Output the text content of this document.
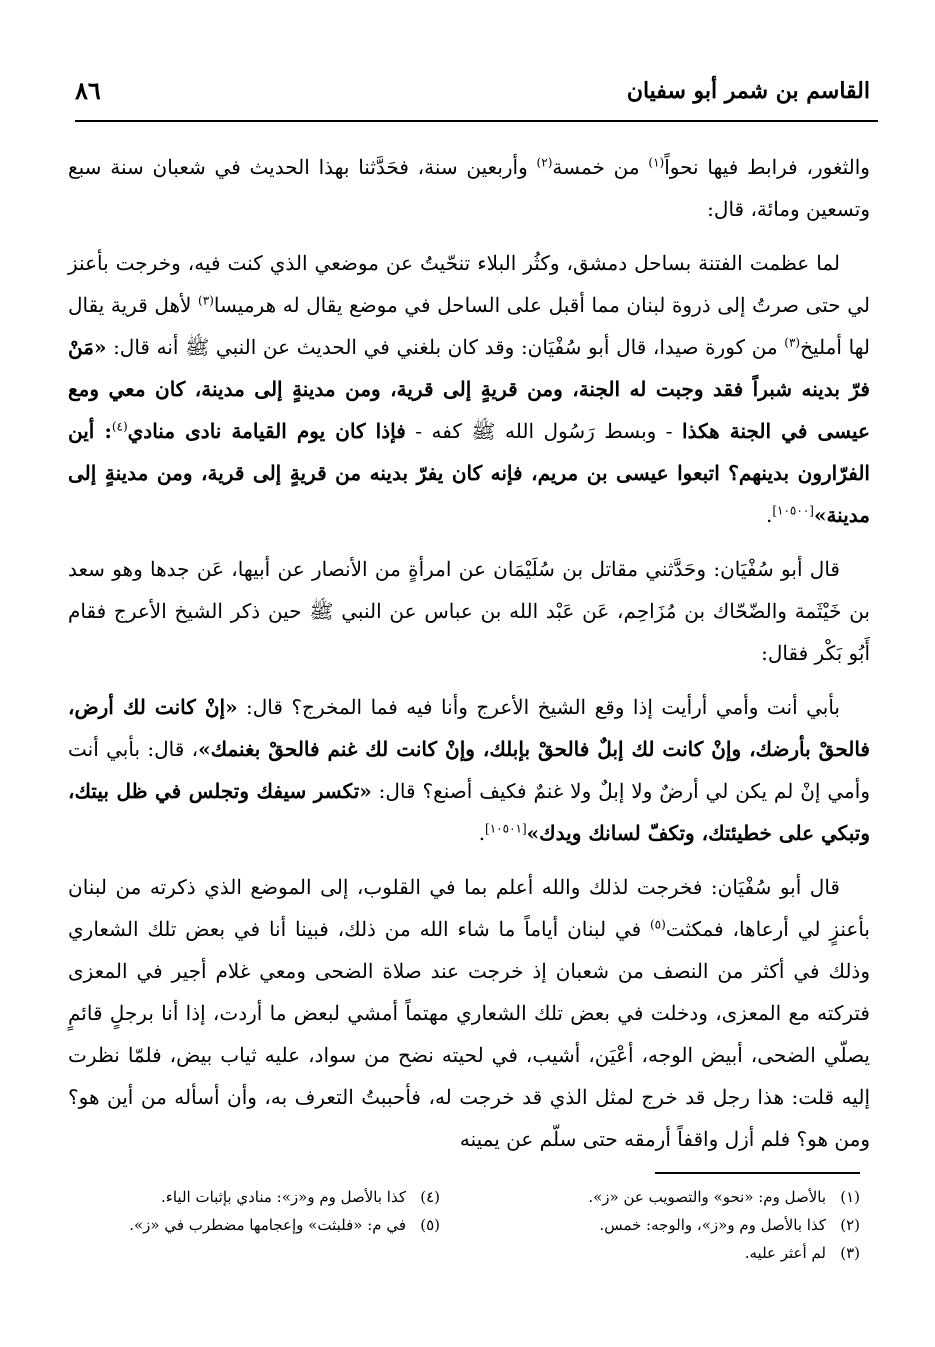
القاسم بن شمر أبو سفيان
٨٦

والثغور، فرابط فيها نحواً$^{(١)}$ من خمسة$^{(٢)}$ وأربعين سنة، فحَدَّثنا بهذا الحديث في شعبان سنة سبع وتسعين ومائة، قال:

لما عظمت الفتنة بساحل دمشق، وكثُر البلاء تنحّيتُ عن موضعي الذي كنت فيه، وخرجت بأعنز لي حتى صرتُ إلى ذروة لبنان مما أقبل على الساحل في موضع يقال له هرميسا$^{(٣)}$ لأهل قرية يقال لها أمليخ$^{(٣)}$ من كورة صيدا، قال أبو سُفْيَان: وقد كان بلغني في الحديث عن النبي ﷺ أنه قال: «مَنْ فرّ بدينه شبراً فقد وجبت له الجنة، ومن قريةٍ إلى قرية، ومن مدينةٍ إلى مدينة، كان معي ومع عيسى في الجنة هكذا - وبسط رَسُول الله ﷺ كفه - فإذا كان يوم القيامة نادى منادي$^{(٤)}$: أين الفرّارون بدينهم؟ اتبعوا عيسى بن مريم، فإنه كان يفرّ بدينه من قريةٍ إلى قرية، ومن مدينةٍ إلى مدينة»[١٠٥٠٠].

قال أبو سُفْيَان: وحَدَّثني مقاتل بن سُلَيْمَان عن امرأةٍ من الأنصار عن أبيها، عَن جدها وهو سعد بن خَيْثَمة والضّحّاك بن مُزَاحِم، عَن عَبْد الله بن عباس عن النبي ﷺ حين ذكر الشيخ الأعرج فقام أَبُو بَكْر فقال:

بأبي أنت وأمي أرأيت إذا وقع الشيخ الأعرج وأنا فيه فما المخرج؟ قال: «إنْ كانت لك أرض، فالحقْ بأرضك، وإنْ كانت لك إبلٌ فالحقْ بإبلك، وإنْ كانت لك غنم فالحقْ بغنمك»، قال: بأبي أنت وأمي إنْ لم يكن لي أرضٌ ولا إبلٌ ولا غنمٌ فكيف أصنع؟ قال: «تكسر سيفك وتجلس في ظل بيتك، وتبكي على خطيئتك، وتكفّ لسانك ويدك»[١٠٥٠١].

قال أبو سُفْيَان: فخرجت لذلك والله أعلم بما في القلوب، إلى الموضع الذي ذكرته من لبنان بأعنزٍ لي أرعاها، فمكثت$^{(٥)}$ في لبنان أياماً ما شاء الله من ذلك، فبينا أنا في بعض تلك الشعاري وذلك في أكثر من النصف من شعبان إذ خرجت عند صلاة الضحى ومعي غلام أجير في المعزى فتركته مع المعزى، ودخلت في بعض تلك الشعاري مهتماً أمشي لبعض ما أردت، إذا أنا برجلٍ قائمٍ يصلّي الضحى، أبيض الوجه، أعْيَن، أشيب، في لحيته نضح من سواد، عليه ثياب بيض، فلمّا نظرت إليه قلت: هذا رجل قد خرج لمثل الذي قد خرجت له، فأحببتُ التعرف به، وأن أسأله من أين هو؟ ومن هو؟ فلم أزل واقفاً أرمقه حتى سلّم عن يمينه

(١)بالأصل وم: «نحو» والتصويب عن «ز».
(٢)كذا بالأصل وم و«ز»، والوجه: خمس.
(٣)لم أعثر عليه.
(٤)كذا بالأصل وم و«ز»: منادي بإثبات الياء.
(٥)في م: «فلبثت» وإعجامها مضطرب في «ز».
